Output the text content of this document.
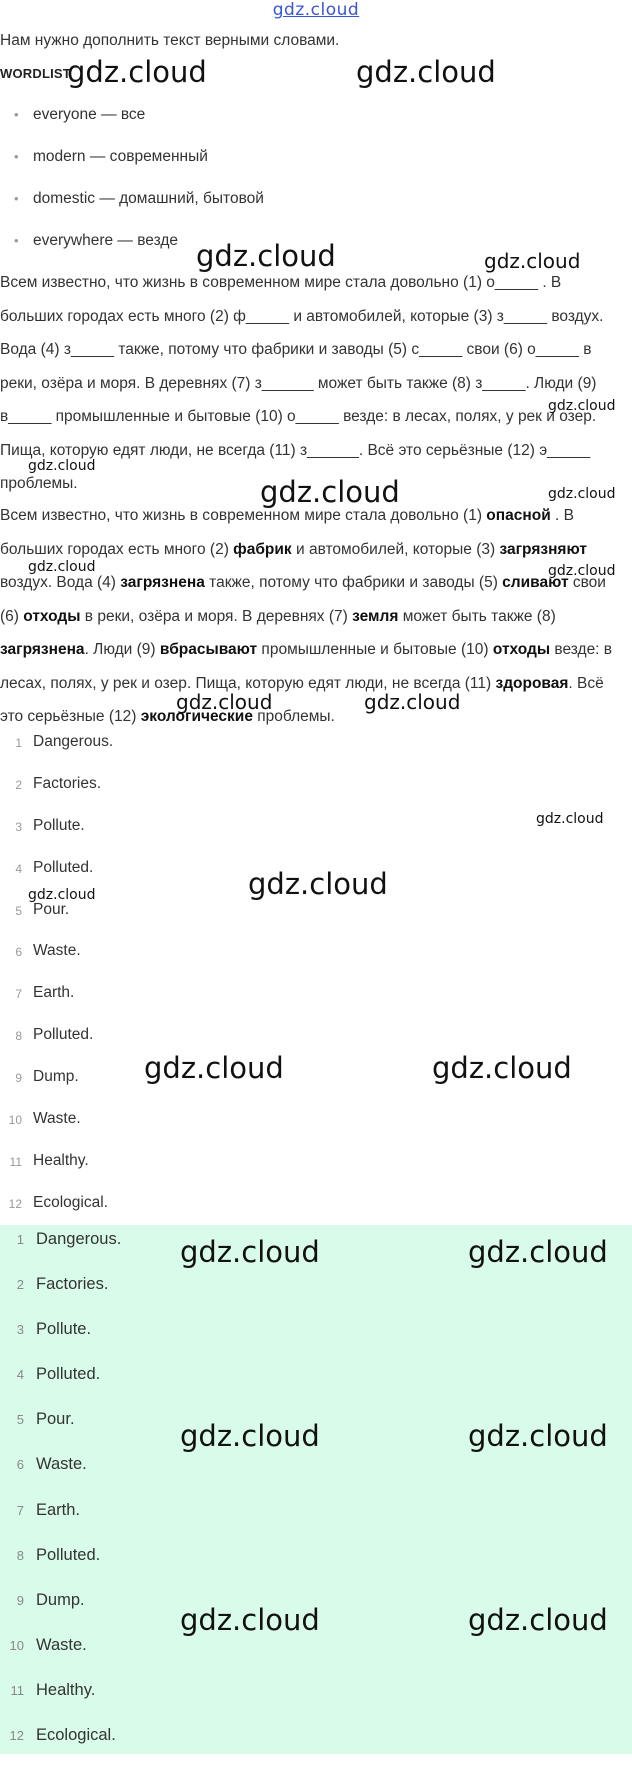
gdz.cloud
Нам нужно дополнить текст верными словами.
WORDLIST
• everyone — все
• modern — современный
• domestic — домашний, бытовой
• everywhere — везде

Всем известно, что жизнь в современном мире стала довольно (1) о_____ . В больших городах есть много (2) ф_____ и автомобилей, которые (3) з_____ воздух. Вода (4) з_____ также, потому что фабрики и заводы (5) с_____ свои (6) о_____ в реки, озёра и моря. В деревнях (7) з______ может быть также (8) з_____. Люди (9) в_____ промышленные и бытовые (10) о_____ везде: в лесах, полях, у рек и озер. Пища, которую едят люди, не всегда (11) з______. Всё это серьёзные (12) э_____ проблемы.

Всем известно, что жизнь в современном мире стала довольно (1) опасной . В больших городах есть много (2) фабрик и автомобилей, которые (3) загрязняют воздух. Вода (4) загрязнена также, потому что фабрики и заводы (5) сливают свои (6) отходы в реки, озёра и моря. В деревнях (7) земля может быть также (8) загрязнена. Люди (9) вбрасывают промышленные и бытовые (10) отходы везде: в лесах, полях, у рек и озер. Пища, которую едят люди, не всегда (11) здоровая. Всё это серьёзные (12) экологические проблемы.

1 Dangerous.
2 Factories.
3 Pollute.
4 Polluted.
5 Pour.
6 Waste.
7 Earth.
8 Polluted.
9 Dump.
10 Waste.
11 Healthy.
12 Ecological.
1 Dangerous.
2 Factories.
3 Pollute.
4 Polluted.
5 Pour.
6 Waste.
7 Earth.
8 Polluted.
9 Dump.
10 Waste.
11 Healthy.
12 Ecological.
gdz.cloud	gdz.cloud
gdz.cloud	gdz.cloud
gdz.cloud
gdz.cloud
gdz.cloud	gdz.cloud
gdz.cloud	gdz.cloud
gdz.cloud	gdz.cloud
gdz.cloud
gdz.cloud
gdz.cloud
gdz.cloud	gdz.cloud
gdz.cloud	gdz.cloud
gdz.cloud	gdz.cloud
gdz.cloud	gdz.cloud
